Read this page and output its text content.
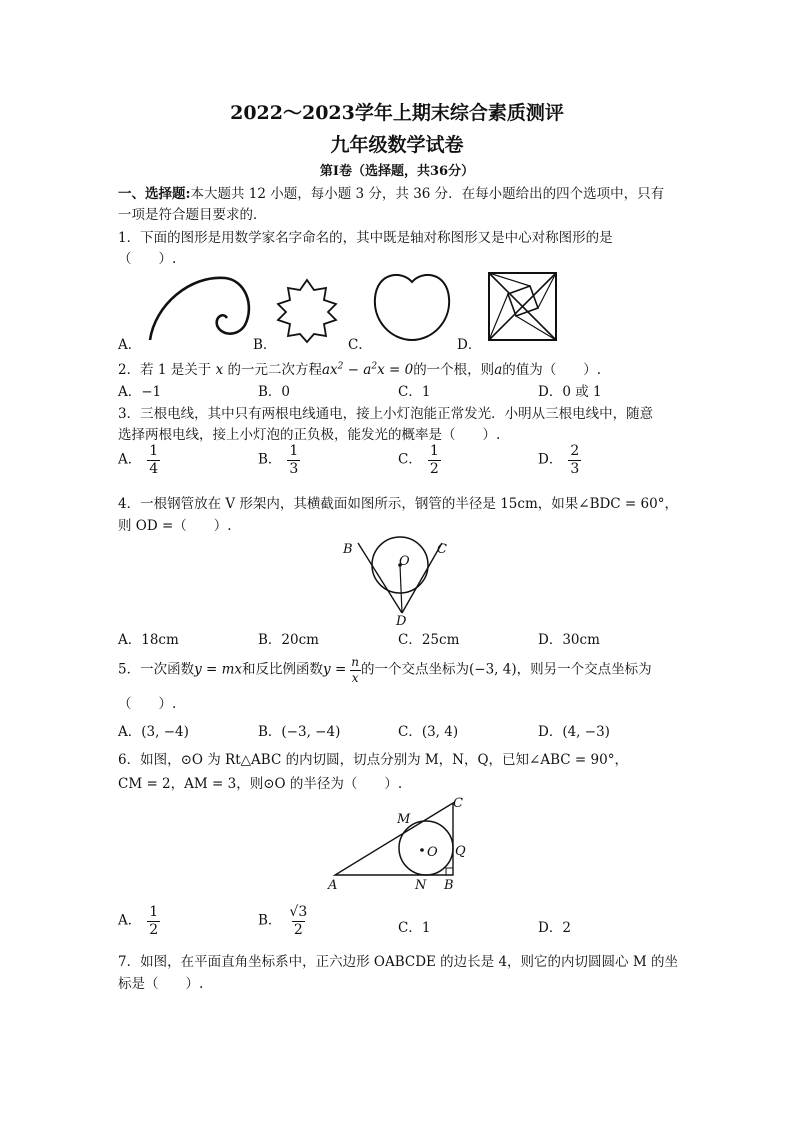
2022～2023学年上期末综合素质测评
九年级数学试卷
第Ⅰ卷（选择题，共36分）
一、选择题:本大题共 12 小题，每小题 3 分，共 36 分．在每小题给出的四个选项中，只有
一项是符合题目要求的．
1．下面的图形是用数学家名字命名的，其中既是轴对称图形又是中心对称图形的是
（　　）.
A．	B．	C．	D．
2．若 1 是关于 x 的一元二次方程$ax^2 - a^2x = 0$的一个根，则a的值为（　　）.
A．−1	B．0	C．1	D．0 或 1
3．三根电线，其中只有两根电线通电，接上小灯泡能正常发光．小明从三根电线中，随意
选择两根电线，接上小灯泡的正负极，能发光的概率是（　　）.
A． $\frac{1}{4}$	B． $\frac{1}{3}$	C． $\frac{1}{2}$	D． $\frac{2}{3}$
4．一根钢管放在 V 形架内，其横截面如图所示，钢管的半径是 15cm，如果∠BDC = 60°，
则 OD =（　　）.
B	C
O
D
A．18cm	B．20cm	C．25cm	D．30cm
5．一次函数y = mx和反比例函数$y = \frac{n}{x}$ 的一个交点坐标为(−3, 4)，则另一个交点坐标为
（　　）.
A．(3, −4)	B．(−3, −4)	C．(3, 4)	D．(4, −3)
6．如图，⊙O 为 Rt△ABC 的内切圆，切点分别为 M，N，Q，已知∠ABC = 90°，
CM = 2，AM = 3，则⊙O 的半径为（　　）.
M
C
O Q
A	N B
A． $\frac{1}{2}$	B． $\frac{√3}{2}$	C．1	D．2
7．如图，在平面直角坐标系中，正六边形 OABCDE 的边长是 4，则它的内切圆圆心 M 的坐
标是（　　）.
